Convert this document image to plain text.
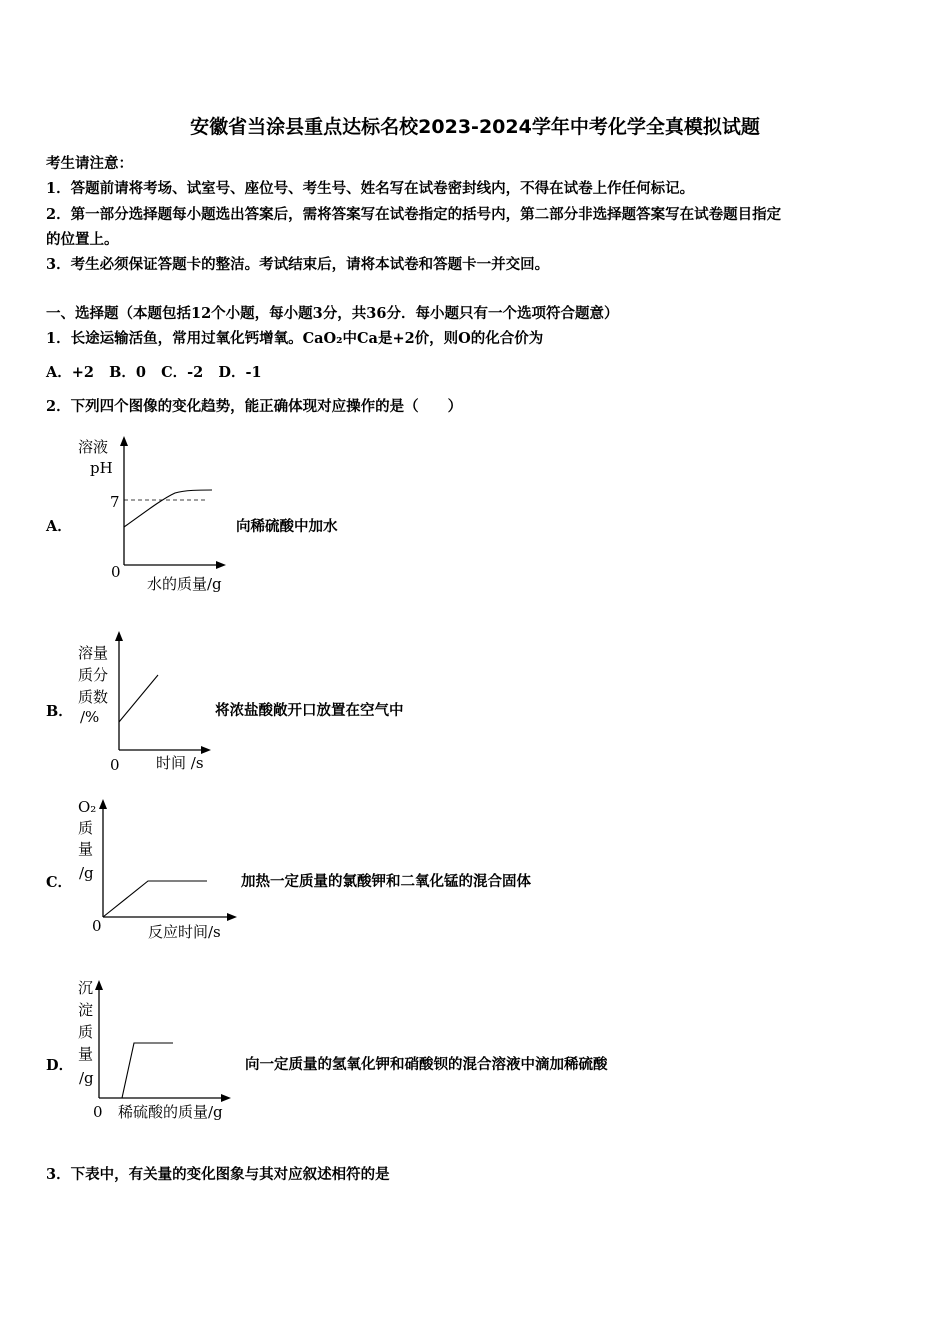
安徽省当涂县重点达标名校2023-2024学年中考化学全真模拟试题
考生请注意：
1．答题前请将考场、试室号、座位号、考生号、姓名写在试卷密封线内，不得在试卷上作任何标记。
2．第一部分选择题每小题选出答案后，需将答案写在试卷指定的括号内，第二部分非选择题答案写在试卷题目指定
的位置上。
3．考生必须保证答题卡的整洁。考试结束后，请将本试卷和答题卡一并交回。
一、选择题（本题包括12个小题，每小题3分，共36分．每小题只有一个选项符合题意）
1．长途运输活鱼，常用过氧化钙增氧。CaO₂中Ca是+2价，则O的化合价为
A．+2   B．0   C．-2   D．-1
2．下列四个图像的变化趋势，能正确体现对应操作的是（　　）
A．
溶液
pH
7
0
水的质量/g
向稀硫酸中加水
B．
溶量
质分
质数
/%
0 时间 /s
将浓盐酸敞开口放置在空气中
C．
O₂
质
量
/g
0	反应时间/s
加热一定质量的氯酸钾和二氧化锰的混合固体
D．
沉
淀
质
量
/g
0 稀硫酸的质量/g
向一定质量的氢氧化钾和硝酸钡的混合溶液中滴加稀硫酸
3．下表中，有关量的变化图象与其对应叙述相符的是
